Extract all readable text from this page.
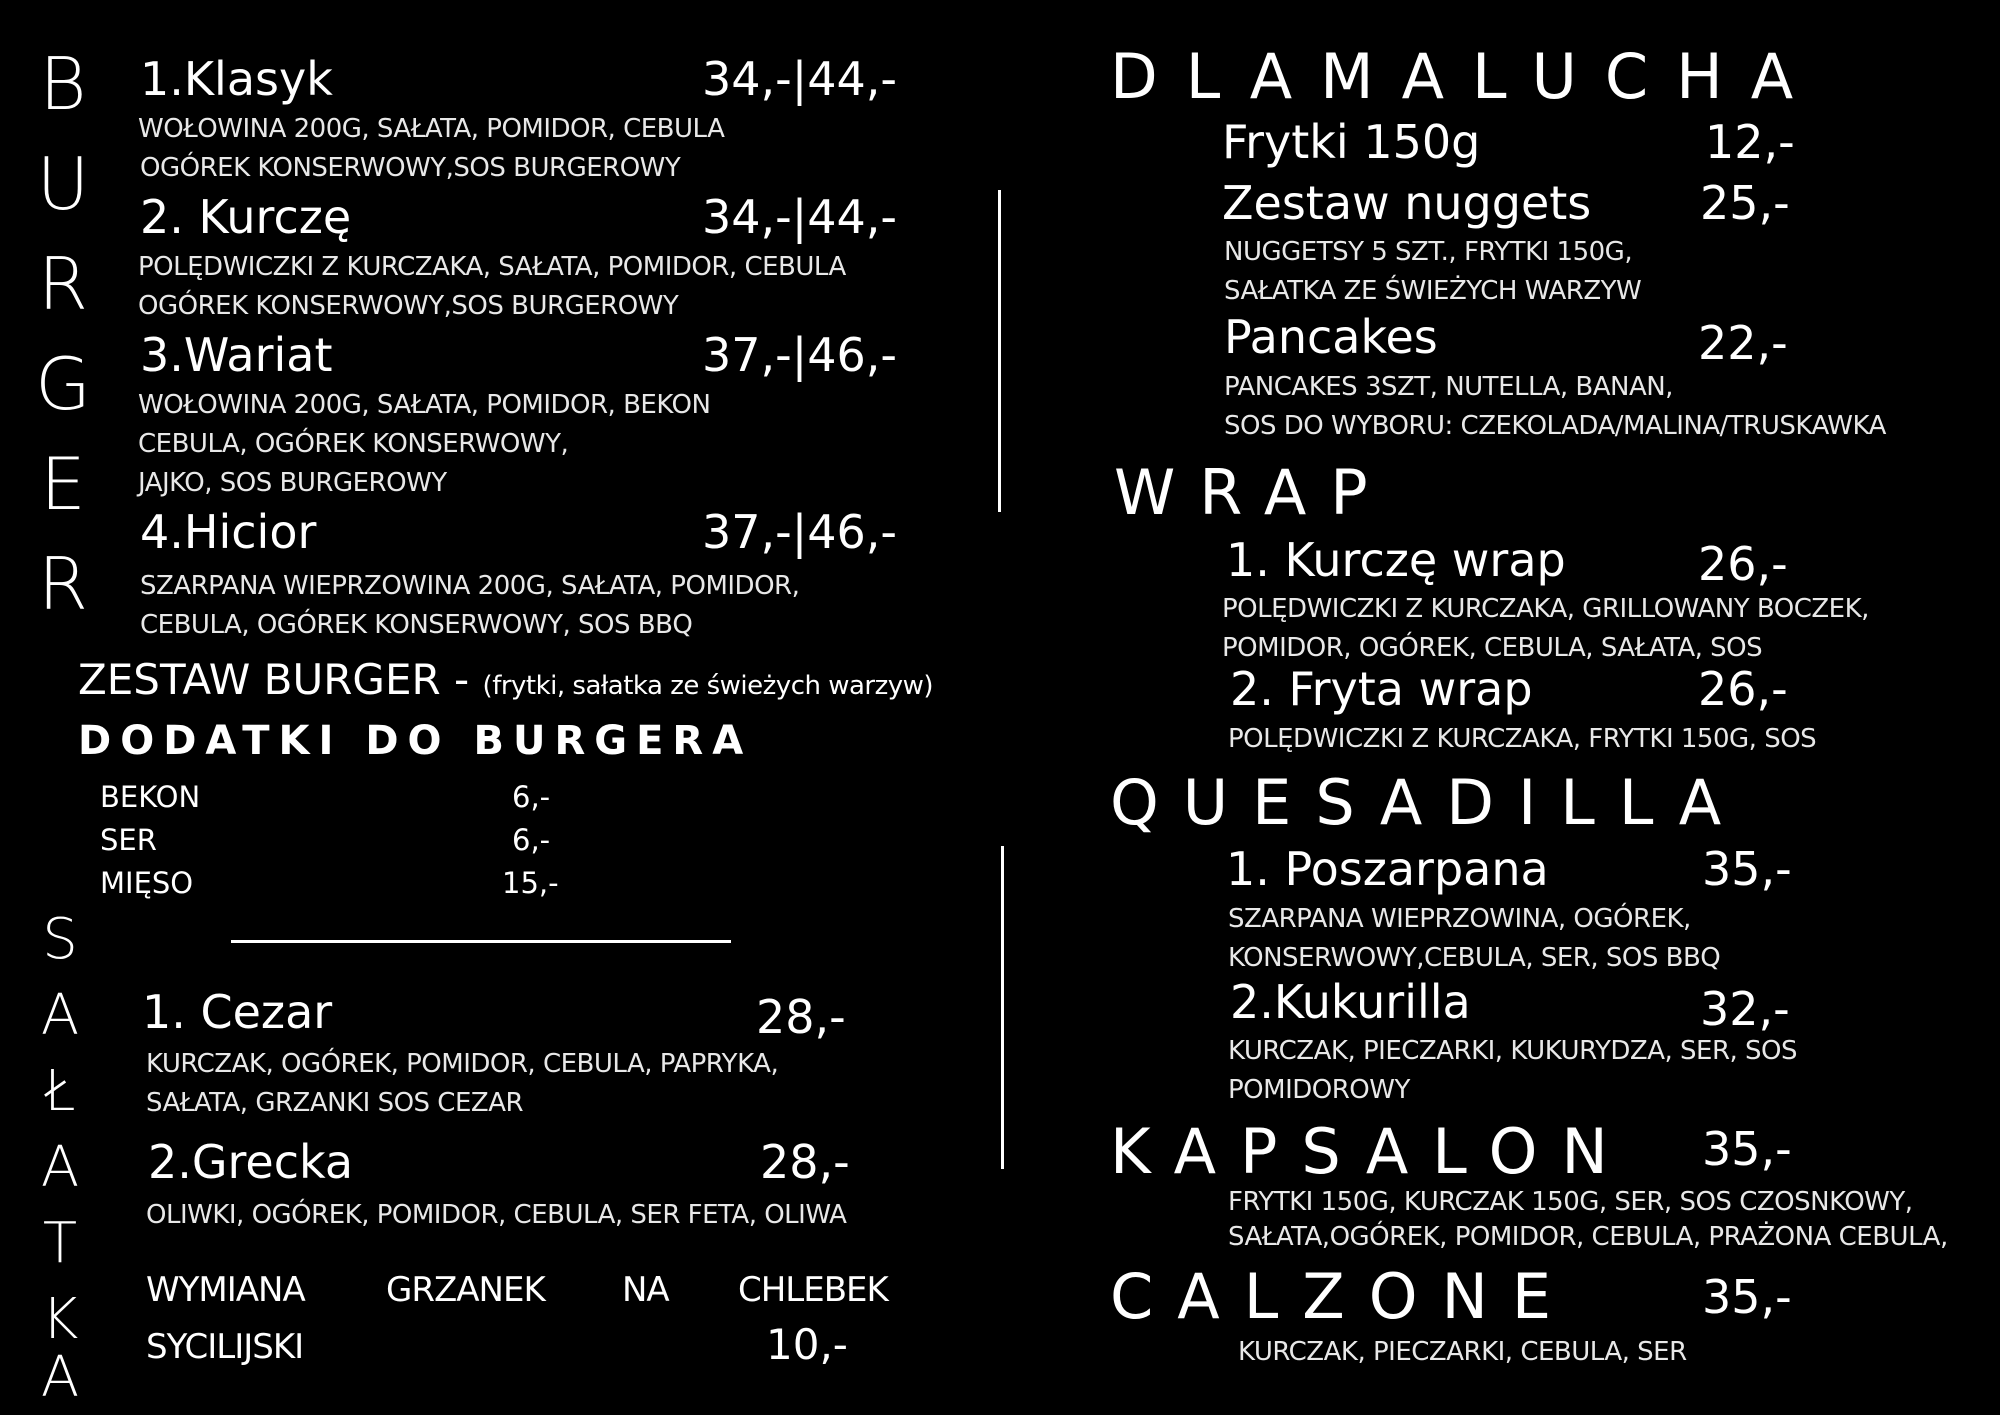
B
U
R
G
E
R
1.Klasyk	34,-|44,-
WOŁOWINA 200G, SAŁATA, POMIDOR, CEBULA
OGÓREK KONSERWOWY,SOS BURGEROWY
2. Kurczę	34,-|44,-
POLĘDWICZKI Z KURCZAKA, SAŁATA, POMIDOR, CEBULA
OGÓREK KONSERWOWY,SOS BURGEROWY
3.Wariat	37,-|46,-
WOŁOWINA 200G, SAŁATA, POMIDOR, BEKON
CEBULA, OGÓREK KONSERWOWY,
JAJKO, SOS BURGEROWY
4.Hicior	37,-|46,-
SZARPANA WIEPRZOWINA 200G, SAŁATA, POMIDOR,
CEBULA, OGÓREK KONSERWOWY, SOS BBQ
ZESTAW BURGER - (frytki, sałatka ze świeżych warzyw)
DODATKI DO BURGERA
BEKON	6,-
SER	6,-
MIĘSO	15,-
S
A
Ł
A
T
K
A
1. Cezar	28,-
KURCZAK, OGÓREK, POMIDOR, CEBULA, PAPRYKA,
SAŁATA, GRZANKI SOS CEZAR
2.Grecka	28,-
OLIWKI, OGÓREK, POMIDOR, CEBULA, SER FETA, OLIWA
WYMIANA GRZANEK NA CHLEBEK
SYCILIJSKI	10,-
DLAMALUCHA
Frytki 150g	12,-
Zestaw nuggets 25,-
NUGGETSY 5 SZT., FRYTKI 150G,
SAŁATKA ZE ŚWIEŻYCH WARZYW
Pancakes	22,-
PANCAKES 3SZT, NUTELLA, BANAN,
SOS DO WYBORU: CZEKOLADA/MALINA/TRUSKAWKA
WRAP
1. Kurczę wrap	26,-
POLĘDWICZKI Z KURCZAKA, GRILLOWANY BOCZEK,
POMIDOR, OGÓREK, CEBULA, SAŁATA, SOS
2. Fryta wrap	26,-
POLĘDWICZKI Z KURCZAKA, FRYTKI 150G, SOS
QUESADILLA
1. Poszarpana	35,-
SZARPANA WIEPRZOWINA, OGÓREK,
KONSERWOWY,CEBULA, SER, SOS BBQ
2.Kukurilla	32,-
KURCZAK, PIECZARKI, KUKURYDZA, SER, SOS
POMIDOROWY
KAPSALON 35,-
FRYTKI 150G, KURCZAK 150G, SER, SOS CZOSNKOWY,
SAŁATA,OGÓREK, POMIDOR, CEBULA, PRAŻONA CEBULA,
CALZONE	35,-
KURCZAK, PIECZARKI, CEBULA, SER
